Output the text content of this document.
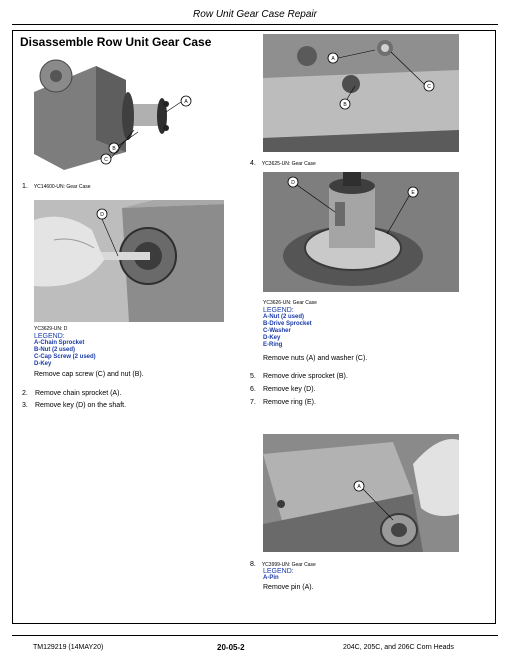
Row Unit Gear Case Repair
Disassemble Row Unit Gear Case
A
B
C
1. YC14600-UN: Gear Case
D
YC3629-UN: D
LEGEND:
A-Chain Sprocket
B-Nut (2 used)
C-Cap Screw (2 used)
D-Key
Remove cap screw (C) and nut (B).
2. Remove chain sprocket (A).
3. Remove key (D) on the shaft.
A
B
C
4. YC3625-UN: Gear Case
D
E
YC3626-UN: Gear Case
LEGEND:
A-Nut (2 used)
B-Drive Sprocket
C-Washer
D-Key
E-Ring
Remove nuts (A) and washer (C).
5. Remove drive sprocket (B).
6. Remove key (D).
7. Remove ring (E).
A
8. YC3999-UN: Gear Case
LEGEND:
A-Pin
Remove pin (A).
TM129219 (14MAY20)	20-05-2	204C, 205C, and 206C Corn Heads
